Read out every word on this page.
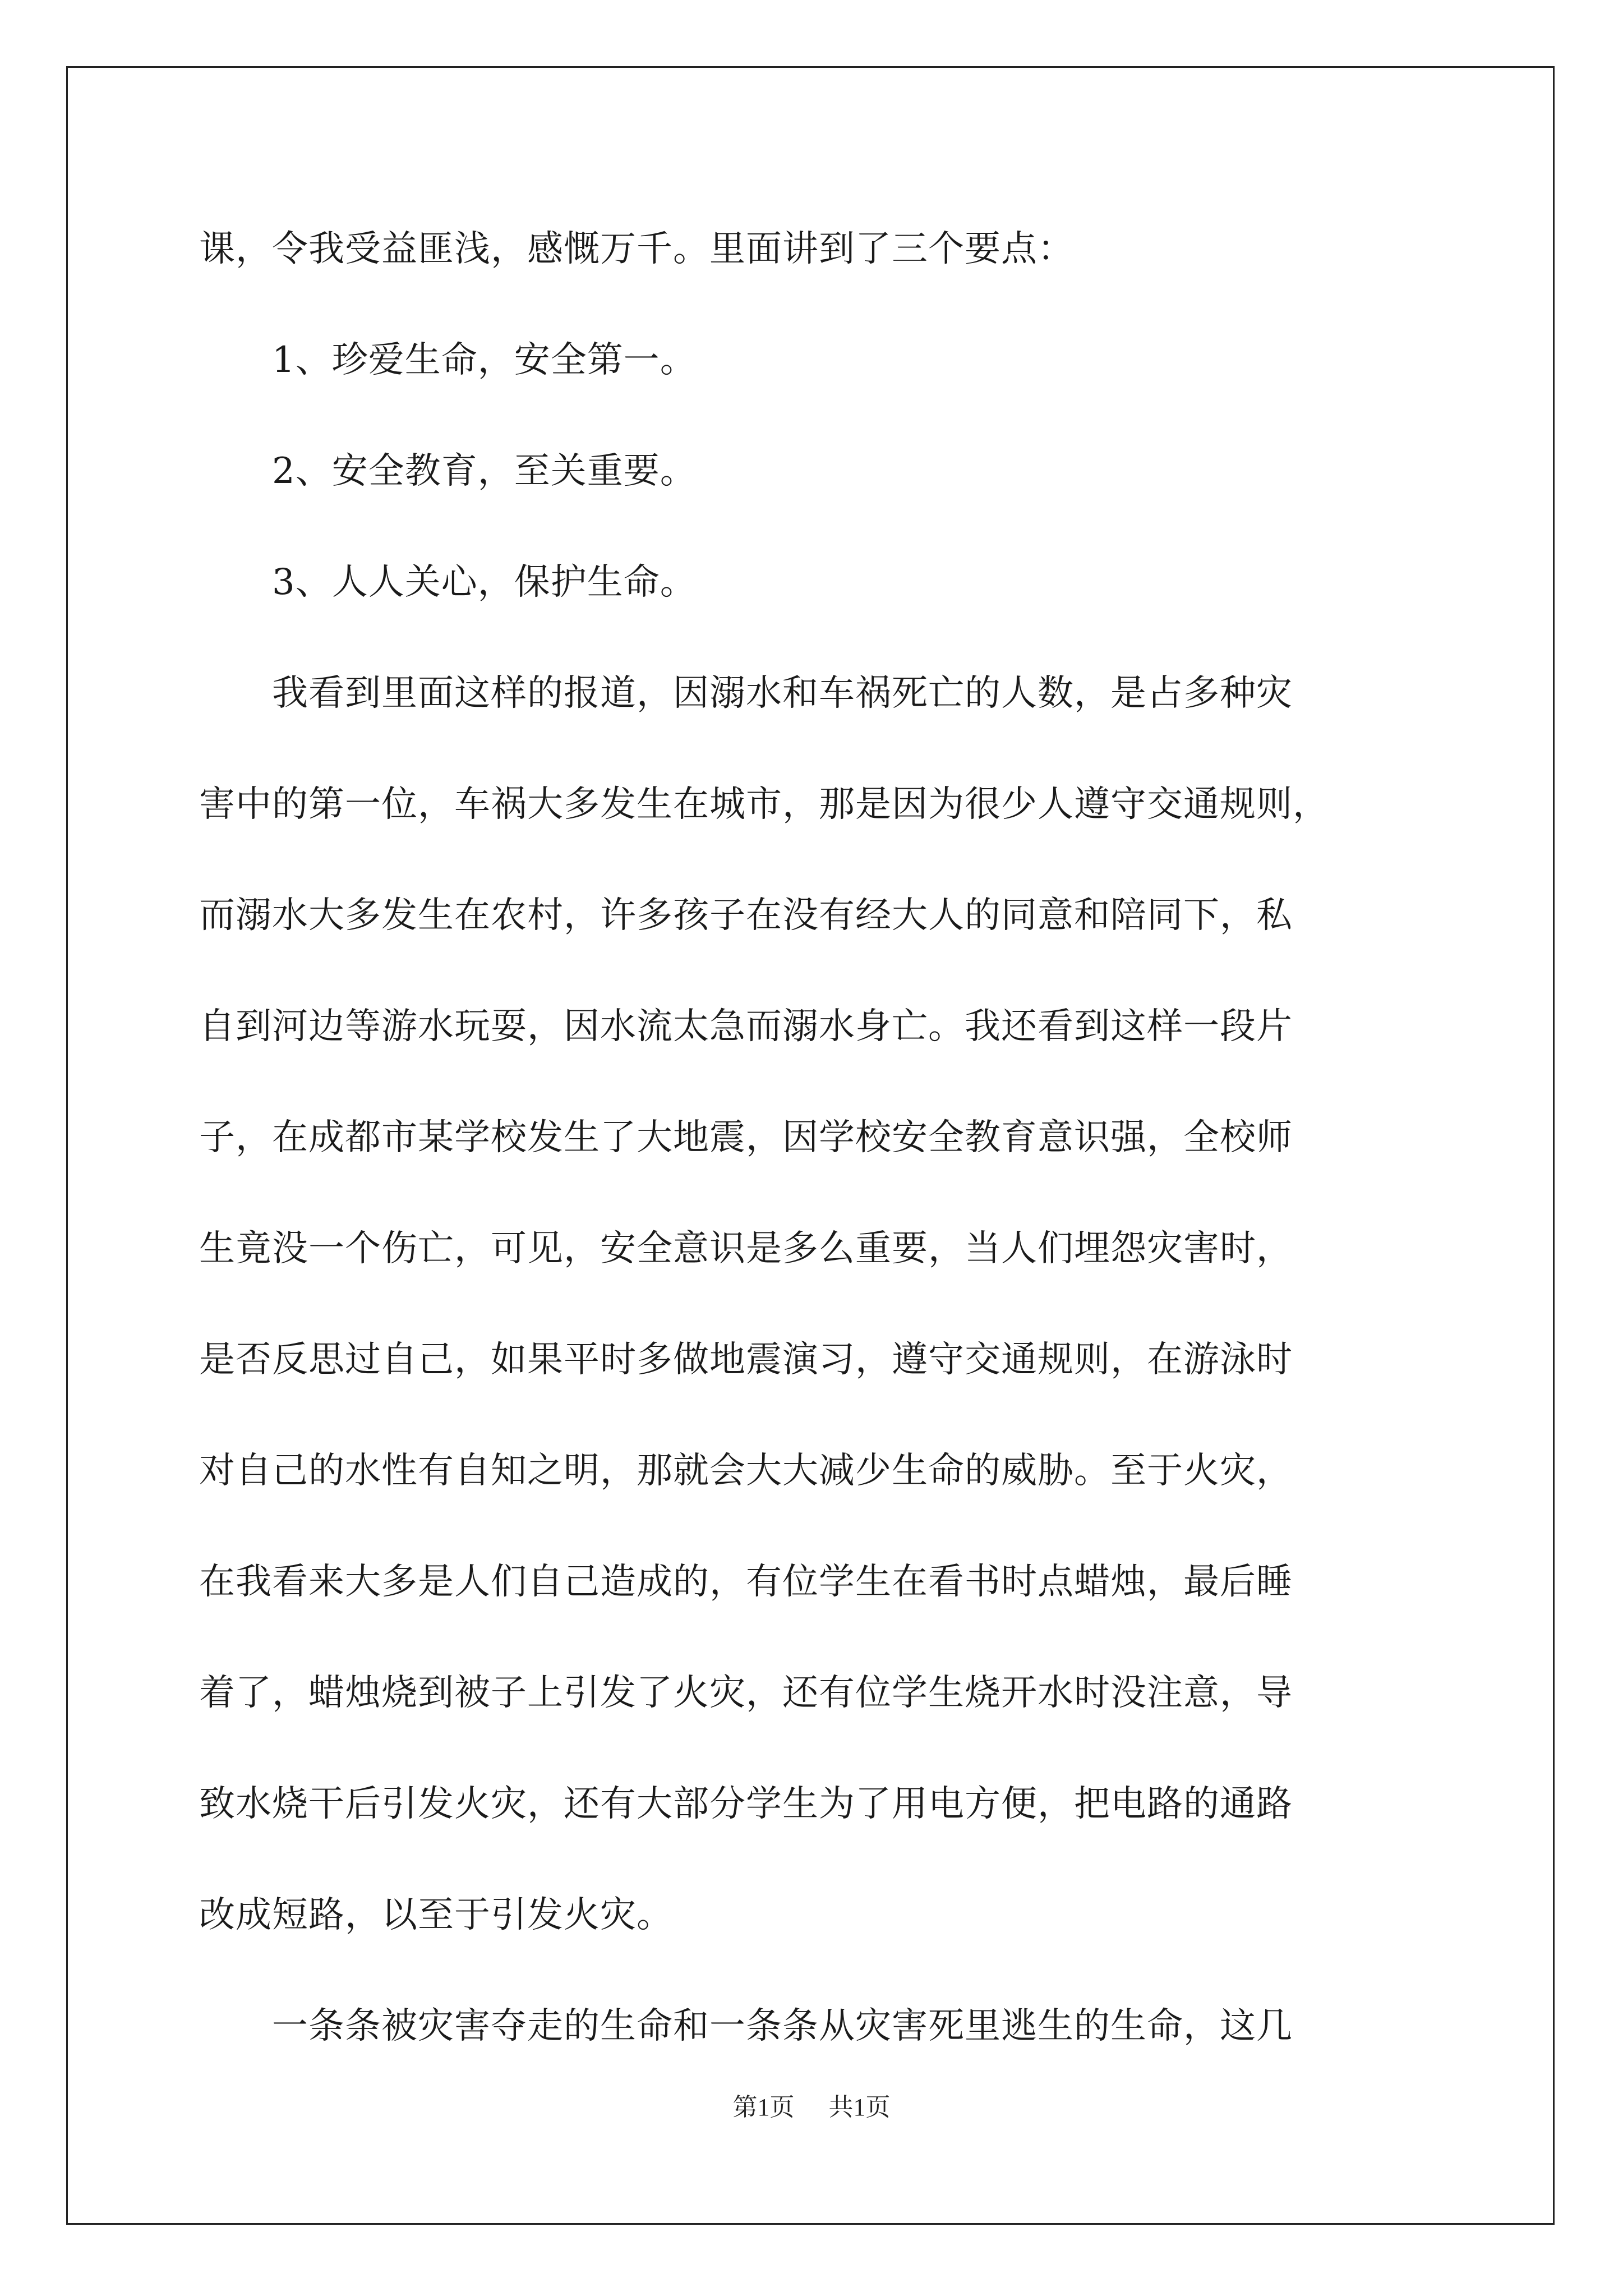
课，令我受益匪浅，感慨万千。里面讲到了三个要点：
　　1、珍爱生命，安全第一。
　　2、安全教育，至关重要。
　　3、人人关心，保护生命。
　　我看到里面这样的报道，因溺水和车祸死亡的人数，是占多种灾
害中的第一位，车祸大多发生在城市，那是因为很少人遵守交通规则，
而溺水大多发生在农村，许多孩子在没有经大人的同意和陪同下，私
自到河边等游水玩耍，因水流太急而溺水身亡。我还看到这样一段片
子，在成都市某学校发生了大地震，因学校安全教育意识强，全校师
生竟没一个伤亡，可见，安全意识是多么重要，当人们埋怨灾害时，
是否反思过自己，如果平时多做地震演习，遵守交通规则，在游泳时
对自己的水性有自知之明，那就会大大减少生命的威胁。至于火灾，
在我看来大多是人们自己造成的，有位学生在看书时点蜡烛，最后睡
着了，蜡烛烧到被子上引发了火灾，还有位学生烧开水时没注意，导
致水烧干后引发火灾，还有大部分学生为了用电方便，把电路的通路
改成短路，以至于引发火灾。
　　一条条被灾害夺走的生命和一条条从灾害死里逃生的生命，这几
第1页 共1页
